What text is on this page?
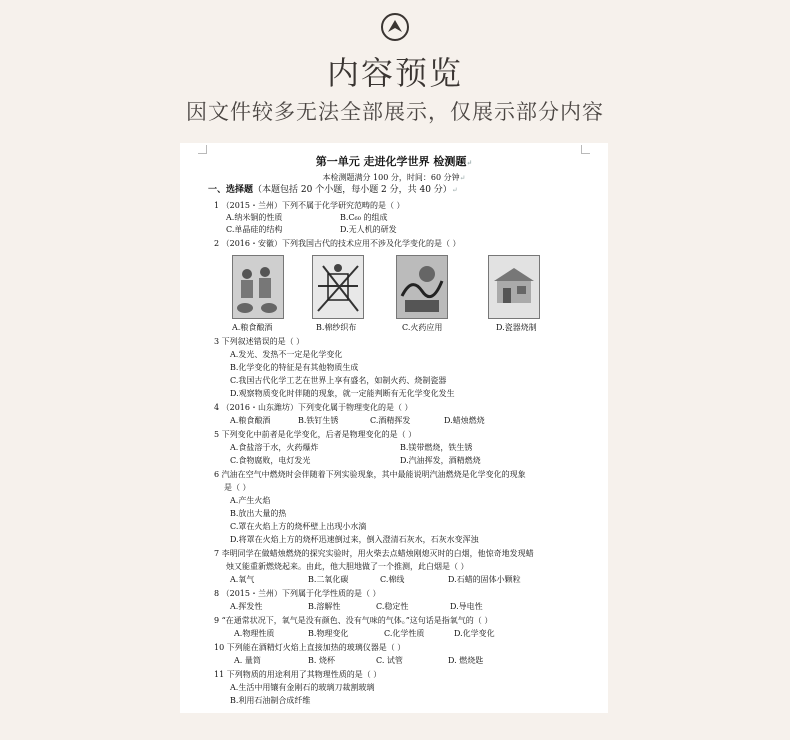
内容预览
因文件较多无法全部展示，仅展示部分内容
第一单元 走进化学世界 检测题↵
本检测题满分 100 分，时间：60 分钟↵
一、选择题（本题包括 20 个小题，每小题 2 分，共 40 分）↵
1 （2015・兰州）下列不属于化学研究范畴的是（ ）
A.纳米铜的性质	B.C₆₀ 的组成
C.单晶硅的结构	D.无人机的研发
2 （2016・安徽）下列我国古代的技术应用不涉及化学变化的是（ ）
A.粮食酿酒	B.棉纱织布	C.火药应用	D.瓷器烧制
3 下列叙述错误的是（ ）
A.发光、发热不一定是化学变化
B.化学变化的特征是有其他物质生成
C.我国古代化学工艺在世界上享有盛名，如制火药、烧制瓷器
D.观察物质变化时伴随的现象，就一定能判断有无化学变化发生
4 （2016・山东潍坊）下列变化属于物理变化的是（ ）
A.粮食酿酒	B.铁钉生锈	C.酒精挥发	D.蜡烛燃烧
5 下列变化中前者是化学变化，后者是物理变化的是（ ）
A.食盐溶于水，火药爆炸	B.镁带燃烧，铁生锈
C.食物腐败，电灯发光	D.汽油挥发，酒精燃烧
6 汽油在空气中燃烧时会伴随着下列实验现象，其中最能说明汽油燃烧是化学变化的现象
是（ ）
A.产生火焰
B.放出大量的热
C.罩在火焰上方的烧杯壁上出现小水滴
D.将罩在火焰上方的烧杯迅速倒过来，倒入澄清石灰水，石灰水变浑浊
7 李明同学在做蜡烛燃烧的探究实验时，用火柴去点蜡烛刚熄灭时的白烟，他惊奇地发现蜡
烛又能重新燃烧起来。由此，他大胆地做了一个推测，此白烟是（ ）
A.氧气	B.二氧化碳	C.棉线	D.石蜡的固体小颗粒
8 （2015・兰州）下列属于化学性质的是（ ）
A.挥发性	B.溶解性	C.稳定性	D.导电性
9 “在通常状况下，氧气是没有颜色、没有气味的气体。”这句话是指氧气的（ ）
A.物理性质	B.物理变化	C.化学性质	D.化学变化
10 下列能在酒精灯火焰上直接加热的玻璃仪器是（ ）
A. 量筒	B. 烧杯	C. 试管	D. 燃烧匙
11 下列物质的用途利用了其物理性质的是（ ）
A.生活中用镶有金刚石的玻璃刀裁割玻璃
B.利用石油制合成纤维
